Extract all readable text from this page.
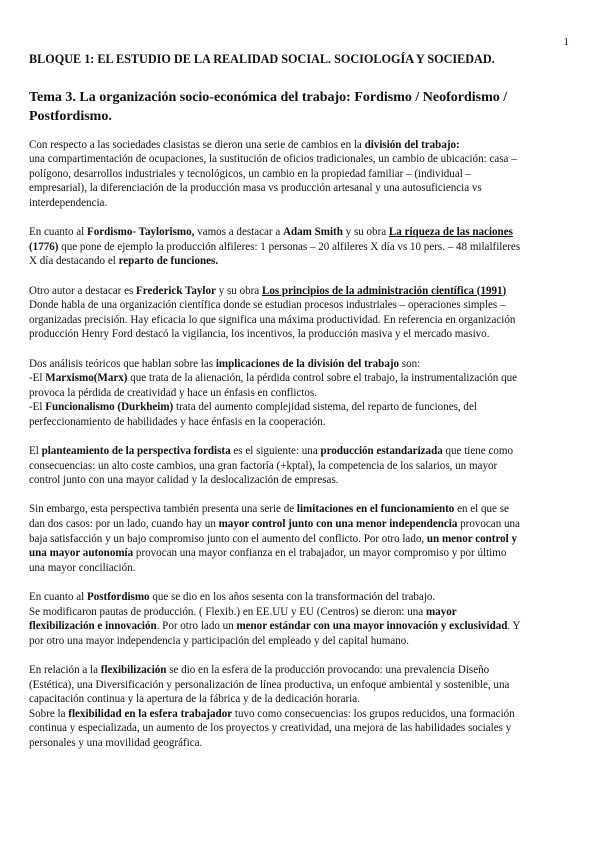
1
BLOQUE 1: EL ESTUDIO DE LA REALIDAD SOCIAL. SOCIOLOGÍA Y SOCIEDAD.
Tema 3. La organización socio-económica del trabajo: Fordismo / Neofordismo /
Postfordismo.

Con respecto a las sociedades clasistas se dieron una serie de cambios en la división del trabajo:
una compartimentación de ocupaciones, la sustitución de oficios tradicionales, un cambio de ubicación: casa –
polígono, desarrollos industriales y tecnológicos, un cambio en la propiedad familiar – (individual –
empresarial), la diferenciación de la producción masa vs producción artesanal y una autosuficiencia vs
interdependencia.

En cuanto al Fordismo- Taylorismo, vamos a destacar a Adam Smith y su obra La riqueza de las naciones
(1776) que pone de ejemplo la producción alfileres: 1 personas – 20 alfileres X día vs 10 pers. – 48 milalfileres
X día destacando el reparto de funciones.

Otro autor a destacar es Frederick Taylor y su obra Los principios de la administración científica (1991)
Donde habla de una organización científica donde se estudian procesos industriales – operaciones simples –
organizadas precisión. Hay eficacia lo que significa una máxima productividad. En referencia en organización
producción Henry Ford destacó la vigilancia, los incentivos, la producción masiva y el mercado masivo.

Dos análisis teóricos que hablan sobre las implicaciones de la división del trabajo son:
-El Marxismo(Marx) que trata de la alienación, la pérdida control sobre el trabajo, la instrumentalización que
provoca la pérdida de creatividad y hace un énfasis en conflictos.
-El Funcionalismo (Durkheim) trata del aumento complejidad sistema, del reparto de funciones, del
perfeccionamiento de habilidades y hace énfasis en la cooperación.

El planteamiento de la perspectiva fordista es el siguiente: una producción estandarizada que tiene como
consecuencias: un alto coste cambios, una gran factoría (+kptal), la competencia de los salarios, un mayor
control junto con una mayor calidad y la deslocalización de empresas.

Sin embargo, esta perspectiva también presenta una serie de limitaciones en el funcionamiento en el que se
dan dos casos: por un lado, cuando hay un mayor control junto con una menor independencia provocan una
baja satisfacción y un bajo compromiso junto con el aumento del conflicto. Por otro lado, un menor control y
una mayor autonomía provocan una mayor confianza en el trabajador, un mayor compromiso y por último
una mayor conciliación.

En cuanto al Postfordismo que se dio en los años sesenta con la transformación del trabajo.
Se modificaron pautas de producción. ( Flexib.) en EE.UU y EU (Centros) se dieron: una mayor
flexibilización e innovación. Por otro lado un menor estándar con una mayor innovación y exclusividad. Y
por otro una mayor independencia y participación del empleado y del capital humano.

En relación a la flexibilización se dio en la esfera de la producción provocando: una prevalencia Diseño
(Estética), una Diversificación y personalización de línea productiva, un enfoque ambiental y sostenible, una
capacitación continua y la apertura de la fábrica y de la dedicación horaria.
Sobre la flexibilidad en la esfera trabajador tuvo como consecuencias: los grupos reducidos, una formación
continua y especializada, un aumento de los proyectos y creatividad, una mejora de las habilidades sociales y
personales y una movilidad geográfica.
